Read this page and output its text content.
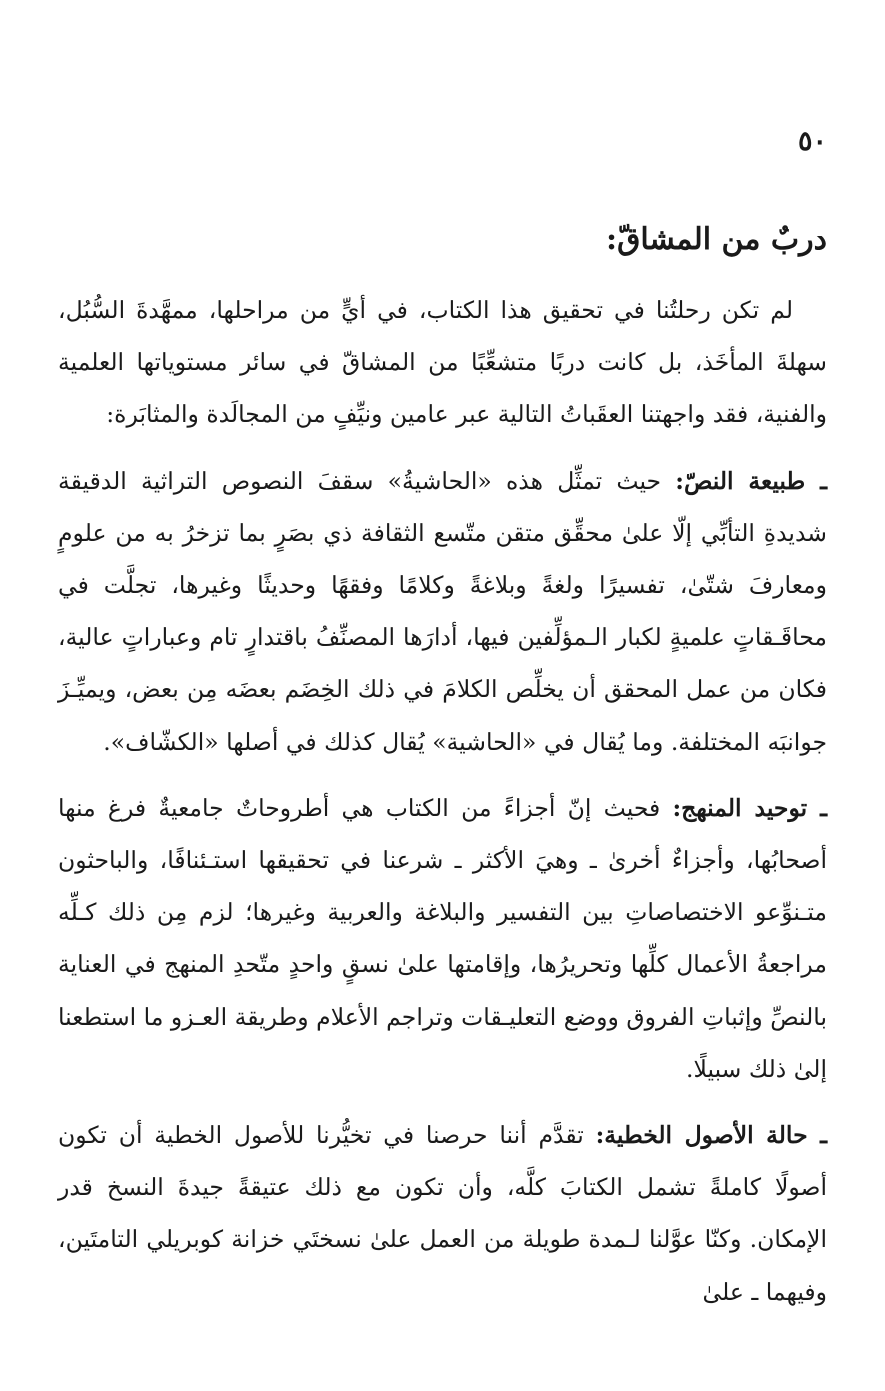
٥٠
دربٌ من المشاقّ:

لم تكن رحلتُنا في تحقيق هذا الكتاب، في أيٍّ من مراحلها، ممهَّدةَ السُّبُل، سهلةَ المأخَذ، بل كانت دربًا متشعِّبًا من المشاقّ في سائر مستوياتها العلمية والفنية، فقد واجهتنا العقَباتُ التالية عبر عامين ونيِّفٍ من المجالَدة والمثابَرة:

ـ طبيعة النصّ: حيث تمثِّل هذه «الحاشيةُ» سقفَ النصوص التراثية الدقيقة شديدةِ التأبِّي إلّا علىٰ محقِّق متقن متّسع الثقافة ذي بصَرٍ بما تزخرُ به من علومٍ ومعارفَ شتّىٰ، تفسيرًا ولغةً وبلاغةً وكلامًا وفقهًا وحديثًا وغيرها، تجلَّت في محاقَـقاتٍ علميةٍ لكبار الـمؤلِّفين فيها، أدارَها المصنِّفُ باقتدارٍ تام وعباراتٍ عالية، فكان من عمل المحقق أن يخلِّص الكلامَ في ذلك الخِضَم بعضَه مِن بعض، ويميِّـزَ جوانبَه المختلفة. وما يُقال في «الحاشية» يُقال كذلك في أصلها «الكشّاف».

ـ توحيد المنهج: فحيث إنّ أجزاءً من الكتاب هي أطروحاتٌ جامعيةٌ فرغ منها أصحابُها، وأجزاءٌ أخرىٰ ـ وهيَ الأكثر ـ شرعنا في تحقيقها استـئنافًا، والباحثون متـنوِّعو الاختصاصاتِ بين التفسير والبلاغة والعربية وغيرها؛ لزم مِن ذلك كـلِّه مراجعةُ الأعمال كلِّها وتحريرُها، وإقامتها علىٰ نسقٍ واحدٍ متّحدِ المنهج في العناية بالنصِّ وإثباتِ الفروق ووضع التعليـقات وتراجم الأعلام وطريقة العـزو ما استطعنا إلىٰ ذلك سبيلًا.

ـ حالة الأصول الخطية: تقدَّم أننا حرصنا في تخيُّرنا للأصول الخطية أن تكون أصولًا كاملةً تشمل الكتابَ كلَّه، وأن تكون مع ذلك عتيقةً جيدةَ النسخ قدر الإمكان. وكنّا عوَّلنا لـمدة طويلة من العمل علىٰ نسختَي خزانة كوبريلي التامتَين، وفيهما ـ علىٰ
